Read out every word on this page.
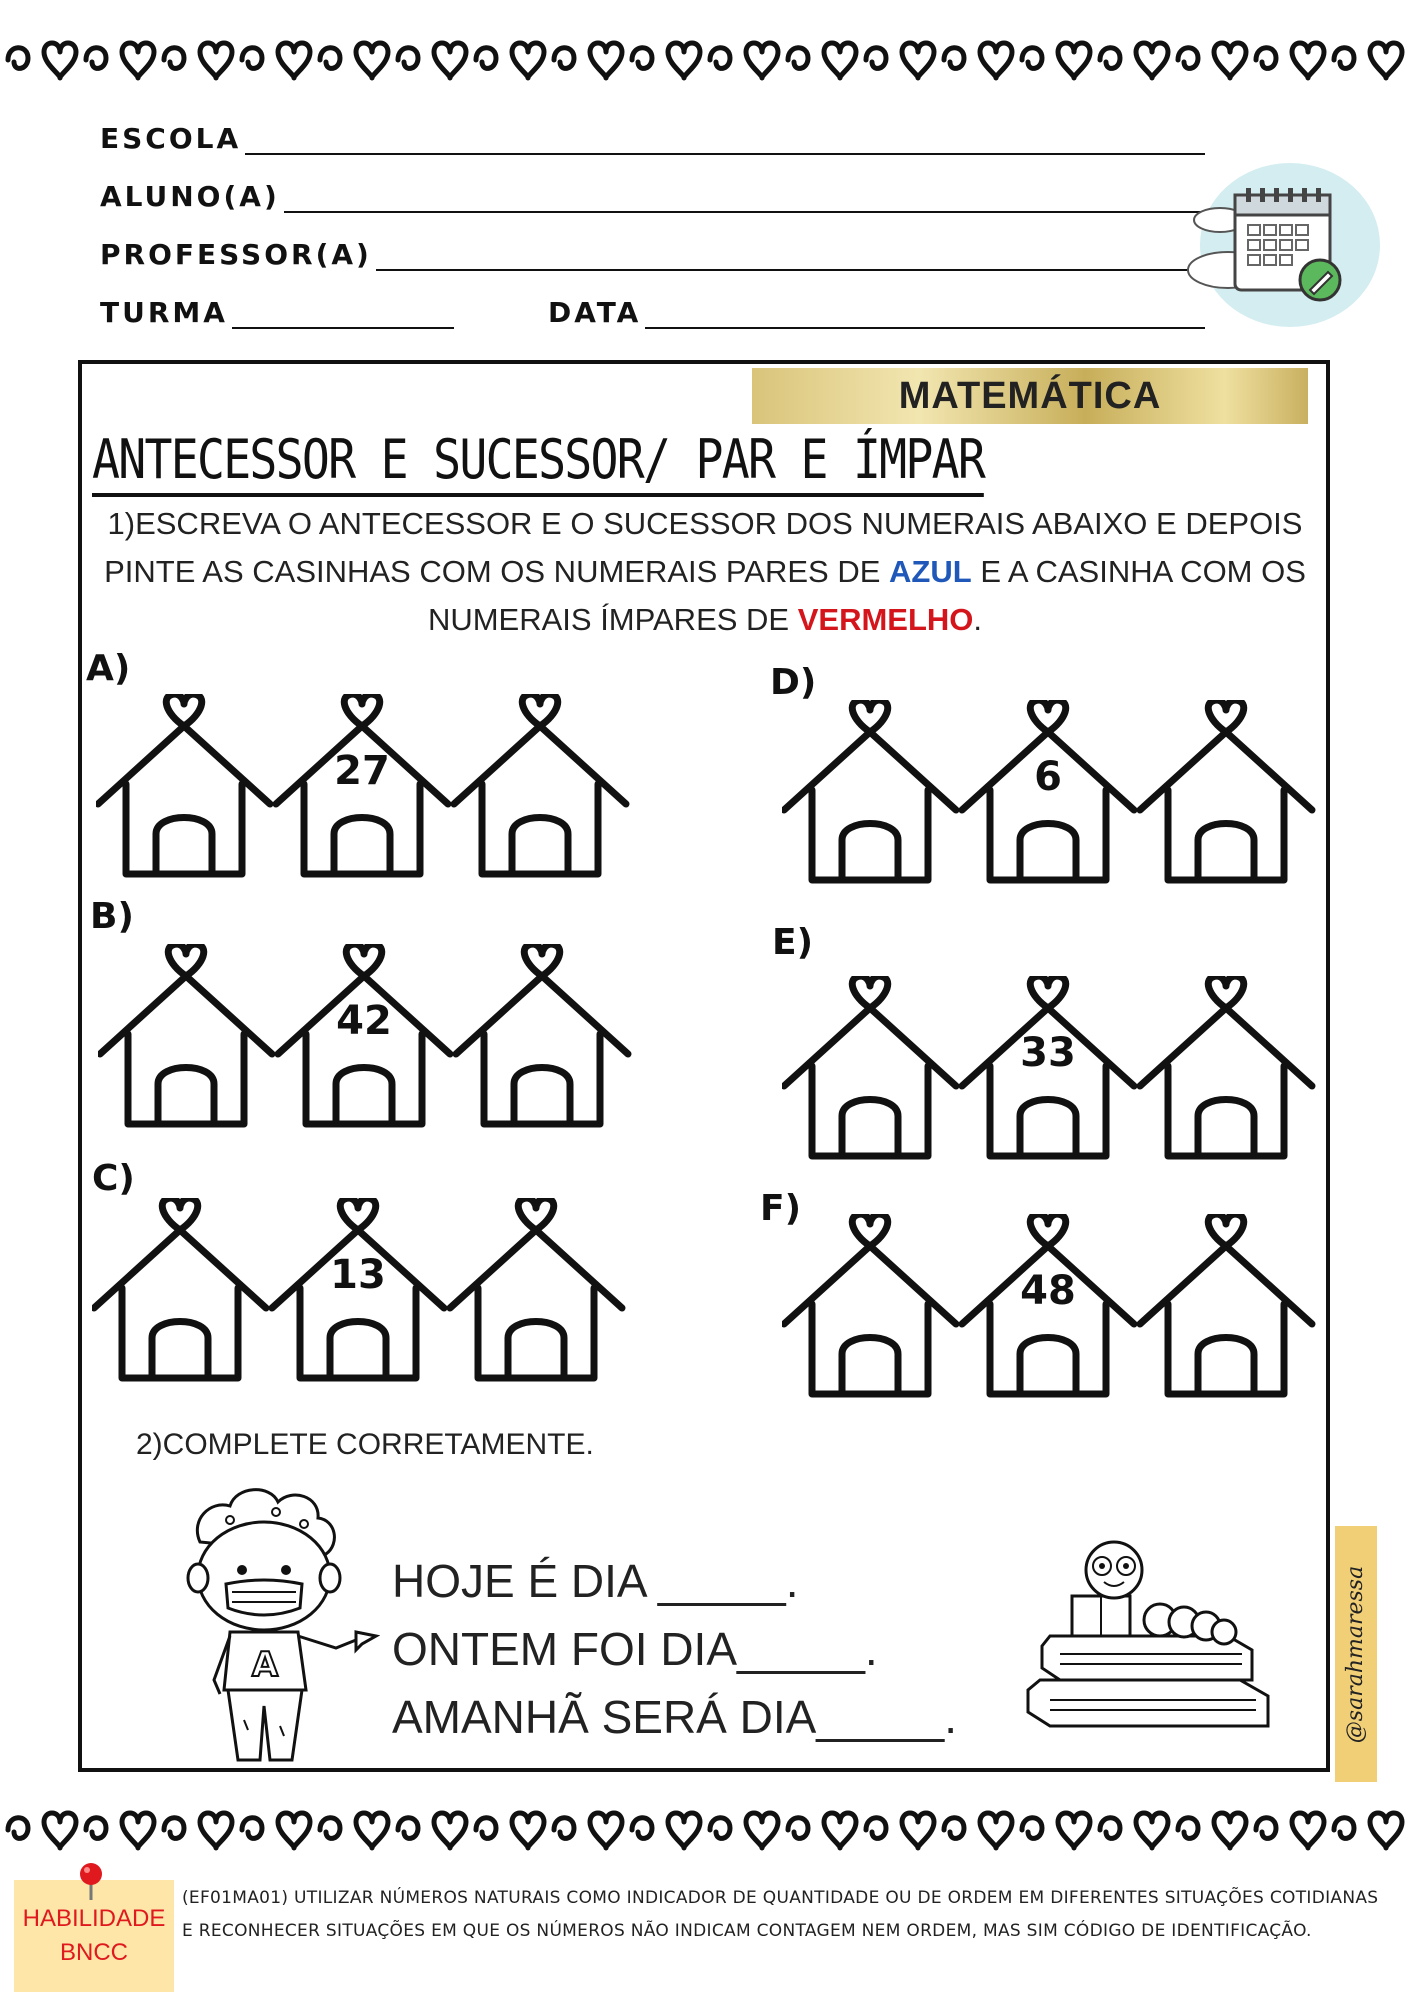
ESCOLA
ALUNO(A)
PROFESSOR(A)
TURMA	DATA
MATEMÁTICA
ANTECESSOR E SUCESSOR/ PAR E ÍMPAR
1)ESCREVA O ANTECESSOR E O SUCESSOR DOS NUMERAIS ABAIXO E DEPOIS PINTE AS CASINHAS COM OS NUMERAIS PARES DE AZUL E A CASINHA COM OS NUMERAIS ÍMPARES DE VERMELHO.
A)
B)
C)
D)
E)
F)
27
42
13
6
33
48
2)COMPLETE CORRETAMENTE.
A
HOJE É DIA _____.
ONTEM FOI DIA_____.
AMANHÃ SERÁ DIA_____.	@sarahmaressa
HABILIDADE
BNCC
(EF01MA01) UTILIZAR NÚMEROS NATURAIS COMO INDICADOR DE QUANTIDADE OU DE ORDEM EM DIFERENTES SITUAÇÕES COTIDIANAS E RECONHECER SITUAÇÕES EM QUE OS NÚMEROS NÃO INDICAM CONTAGEM NEM ORDEM, MAS SIM CÓDIGO DE IDENTIFICAÇÃO.
